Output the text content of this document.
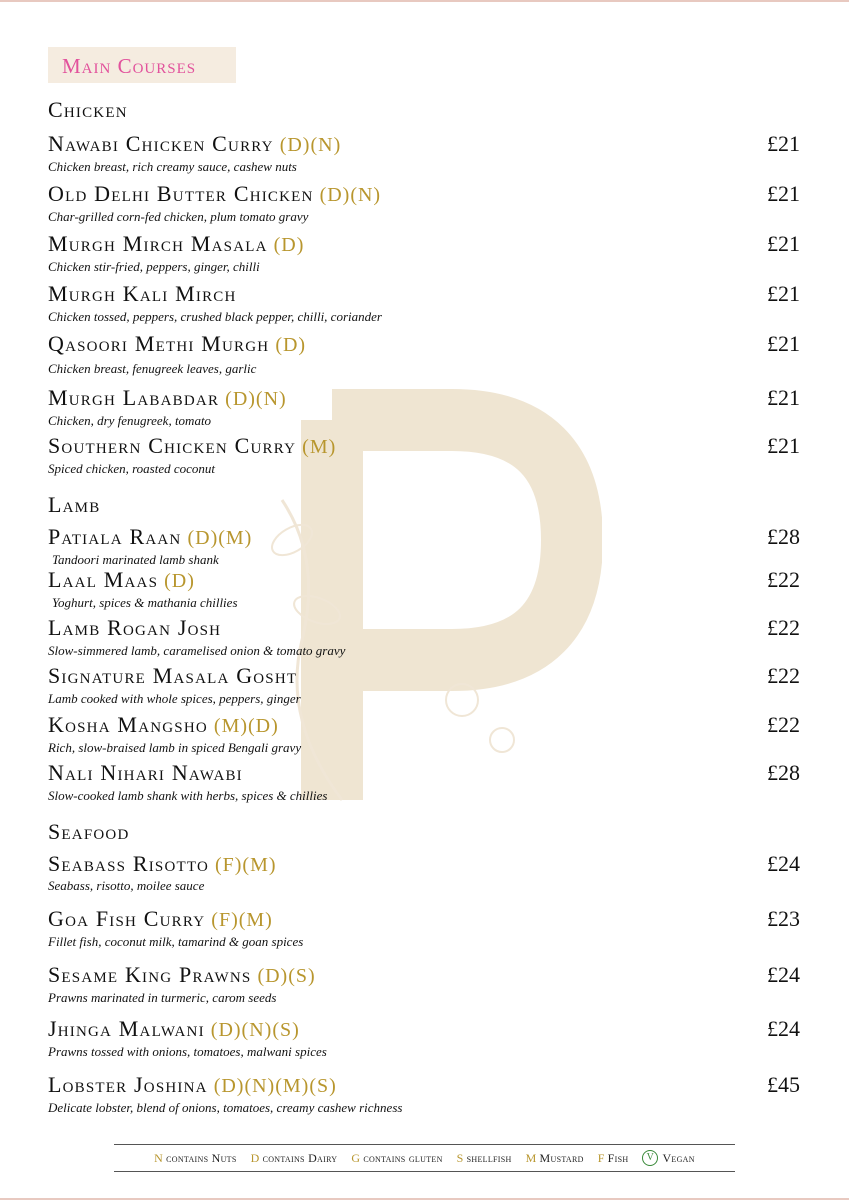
Main Courses
Chicken
Nawabi Chicken Curry (D)(N)
Chicken breast, rich creamy sauce, cashew nuts
£21
Old Delhi Butter Chicken (D)(N)
Char-grilled corn-fed chicken, plum tomato gravy
£21
Murgh Mirch Masala (D)
Chicken stir-fried, peppers, ginger, chilli
£21
Murgh Kali Mirch
Chicken tossed, peppers, crushed black pepper, chilli, coriander
£21
Qasoori Methi Murgh (D)
Chicken breast, fenugreek leaves, garlic
£21
Murgh Lababdar (D)(N)
Chicken, dry fenugreek, tomato
£21
Southern Chicken Curry (M)
Spiced chicken, roasted coconut
£21
Lamb
Patiala Raan (D)(M)
Tandoori marinated lamb shank
£28
Laal Maas (D)
Yoghurt, spices & mathania chillies
£22
Lamb Rogan Josh
Slow-simmered lamb, caramelised onion & tomato gravy
£22
Signature Masala Gosht
Lamb cooked with whole spices, peppers, ginger
£22
Kosha Mangsho (M)(D)
Rich, slow-braised lamb in spiced Bengali gravy
£22
Nali Nihari Nawabi
Slow-cooked lamb shank with herbs, spices & chillies
£28
Seafood
Seabass Risotto (F)(M)
Seabass, risotto, moilee sauce
£24
Goa Fish Curry (F)(M)
Fillet fish, coconut milk, tamarind & goan spices
£23
Sesame King Prawns (D)(S)
Prawns marinated in turmeric, carom seeds
£24
Jhinga Malwani (D)(N)(S)
Prawns tossed with onions, tomatoes, malwani spices
£24
Lobster Joshina (D)(N)(M)(S)
Delicate lobster, blend of onions, tomatoes, creamy cashew richness
£45
N contains Nuts D contains Dairy G contains gluten S shellfish M Mustard F Fish	V Vegan
